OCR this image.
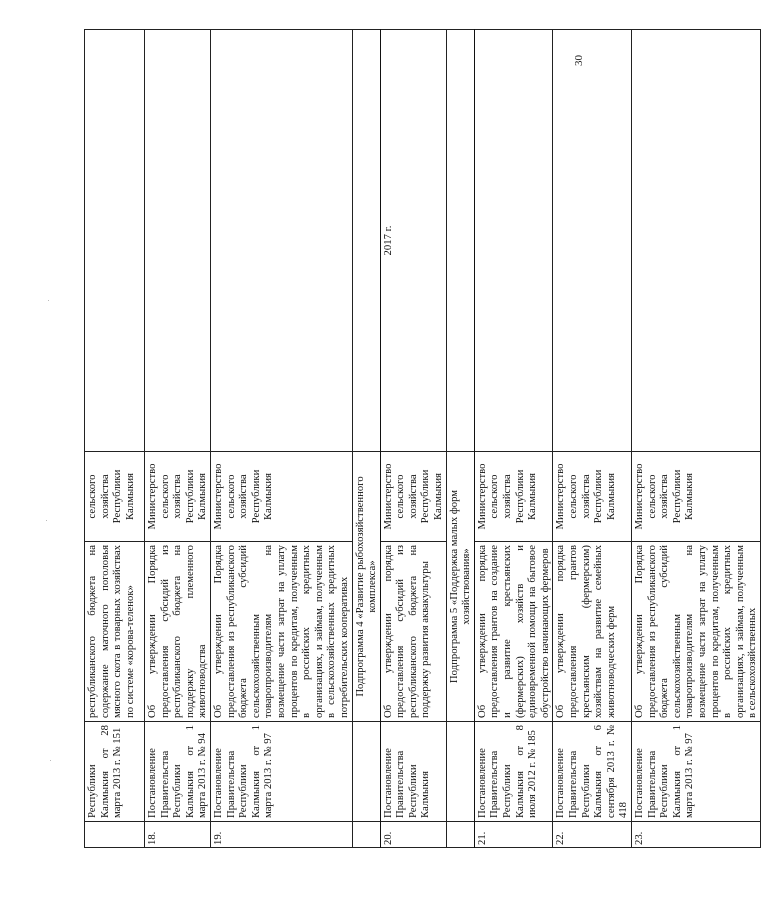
30
	Республики Калмыкия от 28 марта 2013 г. № 151	республиканского бюджета на содержание маточного поголовья мясного скота в товарных хозяйствах по системе «корова-теленок»	сельского хозяйства Республики Калмыкия	
18.	Постановление Правительства Республики Калмыкия от 1 марта 2013 г. № 94	Об утверждении Порядка предоставления субсидий из республиканского бюджета на поддержку племенного животноводства	Министерство сельского хозяйства Республики Калмыкия	
19.	Постановление Правительства Республики Калмыкия от 1 марта 2013 г. № 97	Об утверждении Порядка предоставления из республиканского бюджета субсидий сельскохозяйственным товаропроизводителям на возмещение части затрат на уплату процентов по кредитам, полученным в российских кредитных организациях, и займам, полученным в сельскохозяйственных кредитных потребительских кооперативах	Министерство сельского хозяйства Республики Калмыкия	
		Подпрограмма 4 «Развитие рыбохозяйственного комплекса»		
20.	Постановление Правительства Республики Калмыкия	Об утверждении порядка предоставления субсидий из республиканского бюджета на поддержку развития аквакультуры	Министерство сельского хозяйства Республики Калмыкия	2017 г.
		Подпрограмма 5 «Поддержка малых форм хозяйствования»		
21.	Постановление Правительства Республики Калмыкия от 8 июля 2012 г. № 185	Об утверждении порядка предоставления грантов на создание и развитие крестьянских (фермерских) хозяйств и единовременной помощи на бытовое обустройство начинающих фермеров	Министерство сельского хозяйства Республики Калмыкия	
22.	Постановление Правительства Республики Калмыкия от 6 сентября 2013 г. № 418	Об утверждении порядка предоставления грантов крестьянским (фермерским) хозяйствам на развитие семейных животноводческих ферм	Министерство сельского хозяйства Республики Калмыкия	
23.	Постановление Правительства Республики Калмыкия от 1 марта 2013 г. № 97	Об утверждении Порядка предоставления из республиканского бюджета субсидий сельскохозяйственным товаропроизводителям на возмещение части затрат на уплату процентов по кредитам, полученным в российских кредитных организациях, и займам, полученным в сельскохозяйственных	Министерство сельского хозяйства Республики Калмыкия	
